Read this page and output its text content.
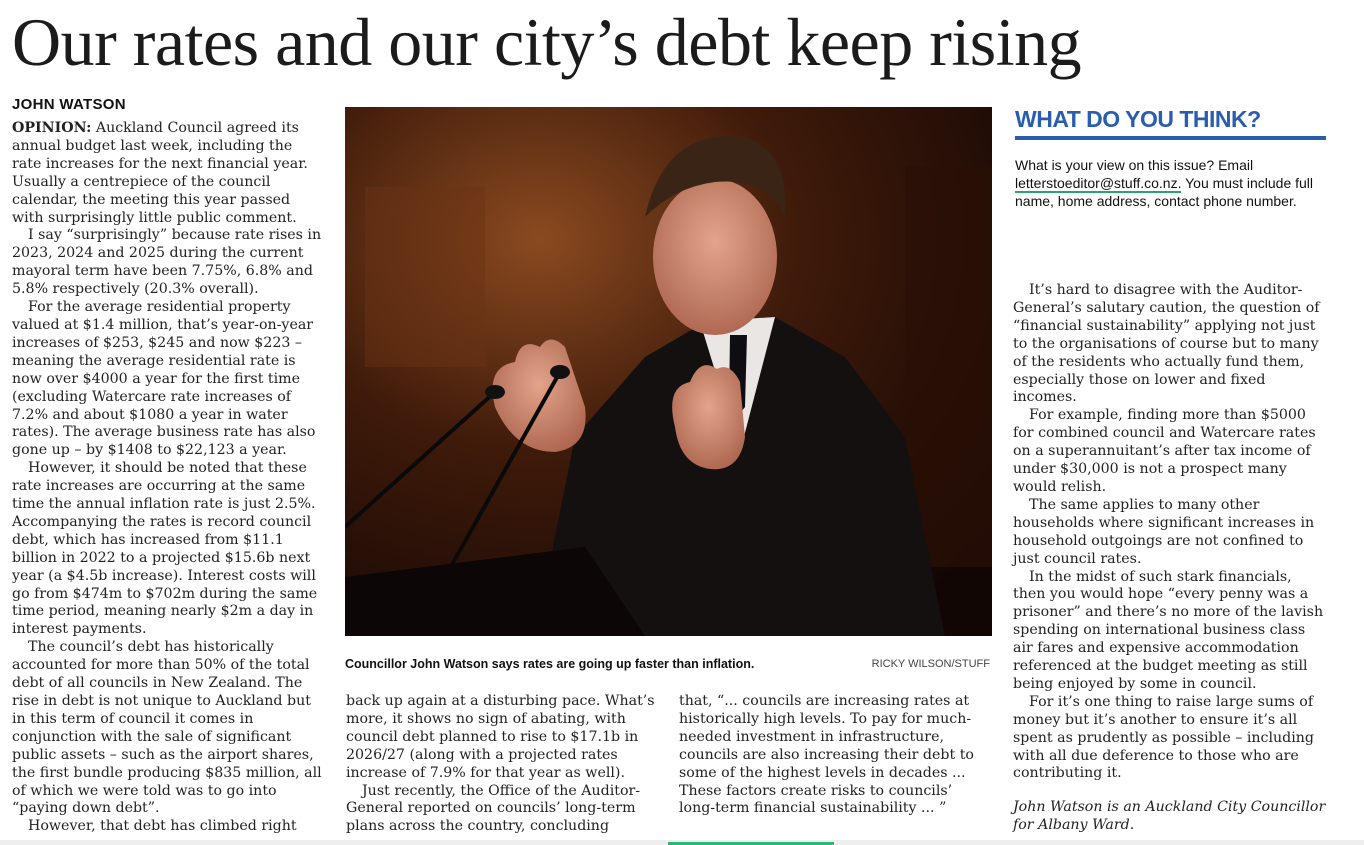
Our rates and our city’s debt keep rising
JOHN WATSON

OPINION: Auckland Council agreed its annual budget last week, including the rate increases for the next financial year. Usually a centrepiece of the council calendar, the meeting this year passed with surprisingly little public comment.

I say “surprisingly” because rate rises in 2023, 2024 and 2025 during the current mayoral term have been 7.75%, 6.8% and 5.8% respectively (20.3% overall).

For the average residential property valued at $1.4 million, that’s year-on-year increases of $253, $245 and now $223 – meaning the average residential rate is now over $4000 a year for the first time (excluding Watercare rate increases of 7.2% and about $1080 a year in water rates). The average business rate has also gone up – by $1408 to $22,123 a year.

However, it should be noted that these rate increases are occurring at the same time the annual inflation rate is just 2.5%. Accompanying the rates is record council debt, which has increased from $11.1 billion in 2022 to a projected $15.6b next year (a $4.5b increase). Interest costs will go from $474m to $702m during the same time period, meaning nearly $2m a day in interest payments.

The council’s debt has historically accounted for more than 50% of the total debt of all councils in New Zealand. The rise in debt is not unique to Auckland but in this term of council it comes in conjunction with the sale of significant public assets – such as the airport shares, the first bundle producing $835 million, all of which we were told was to go into “paying down debt”.

However, that debt has climbed right

Councillor John Watson says rates are going up faster than inflation.	RICKY WILSON/STUFF

back up again at a disturbing pace. What’s more, it shows no sign of abating, with council debt planned to rise to $17.1b in 2026/27 (along with a projected rates increase of 7.9% for that year as well).

Just recently, the Office of the Auditor-General reported on councils’ long-term plans across the country, concluding

that, “... councils are increasing rates at historically high levels. To pay for much-needed investment in infrastructure, councils are also increasing their debt to some of the highest levels in decades ... These factors create risks to councils’ long-term financial sustainability ... ”

WHAT DO YOU THINK?
What is your view on this issue? Email letterstoeditor@stuff.co.nz. You must include full name, home address, contact phone number.

It’s hard to disagree with the Auditor-General’s salutary caution, the question of “financial sustainability” applying not just to the organisations of course but to many of the residents who actually fund them, especially those on lower and fixed incomes.

For example, finding more than $5000 for combined council and Watercare rates on a superannuitant’s after tax income of under $30,000 is not a prospect many would relish.

The same applies to many other households where significant increases in household outgoings are not confined to just council rates.

In the midst of such stark financials, then you would hope “every penny was a prisoner” and there’s no more of the lavish spending on international business class air fares and expensive accommodation referenced at the budget meeting as still being enjoyed by some in council.

For it’s one thing to raise large sums of money but it’s another to ensure it’s all spent as prudently as possible – including with all due deference to those who are contributing it.

John Watson is an Auckland City Councillor for Albany Ward.
